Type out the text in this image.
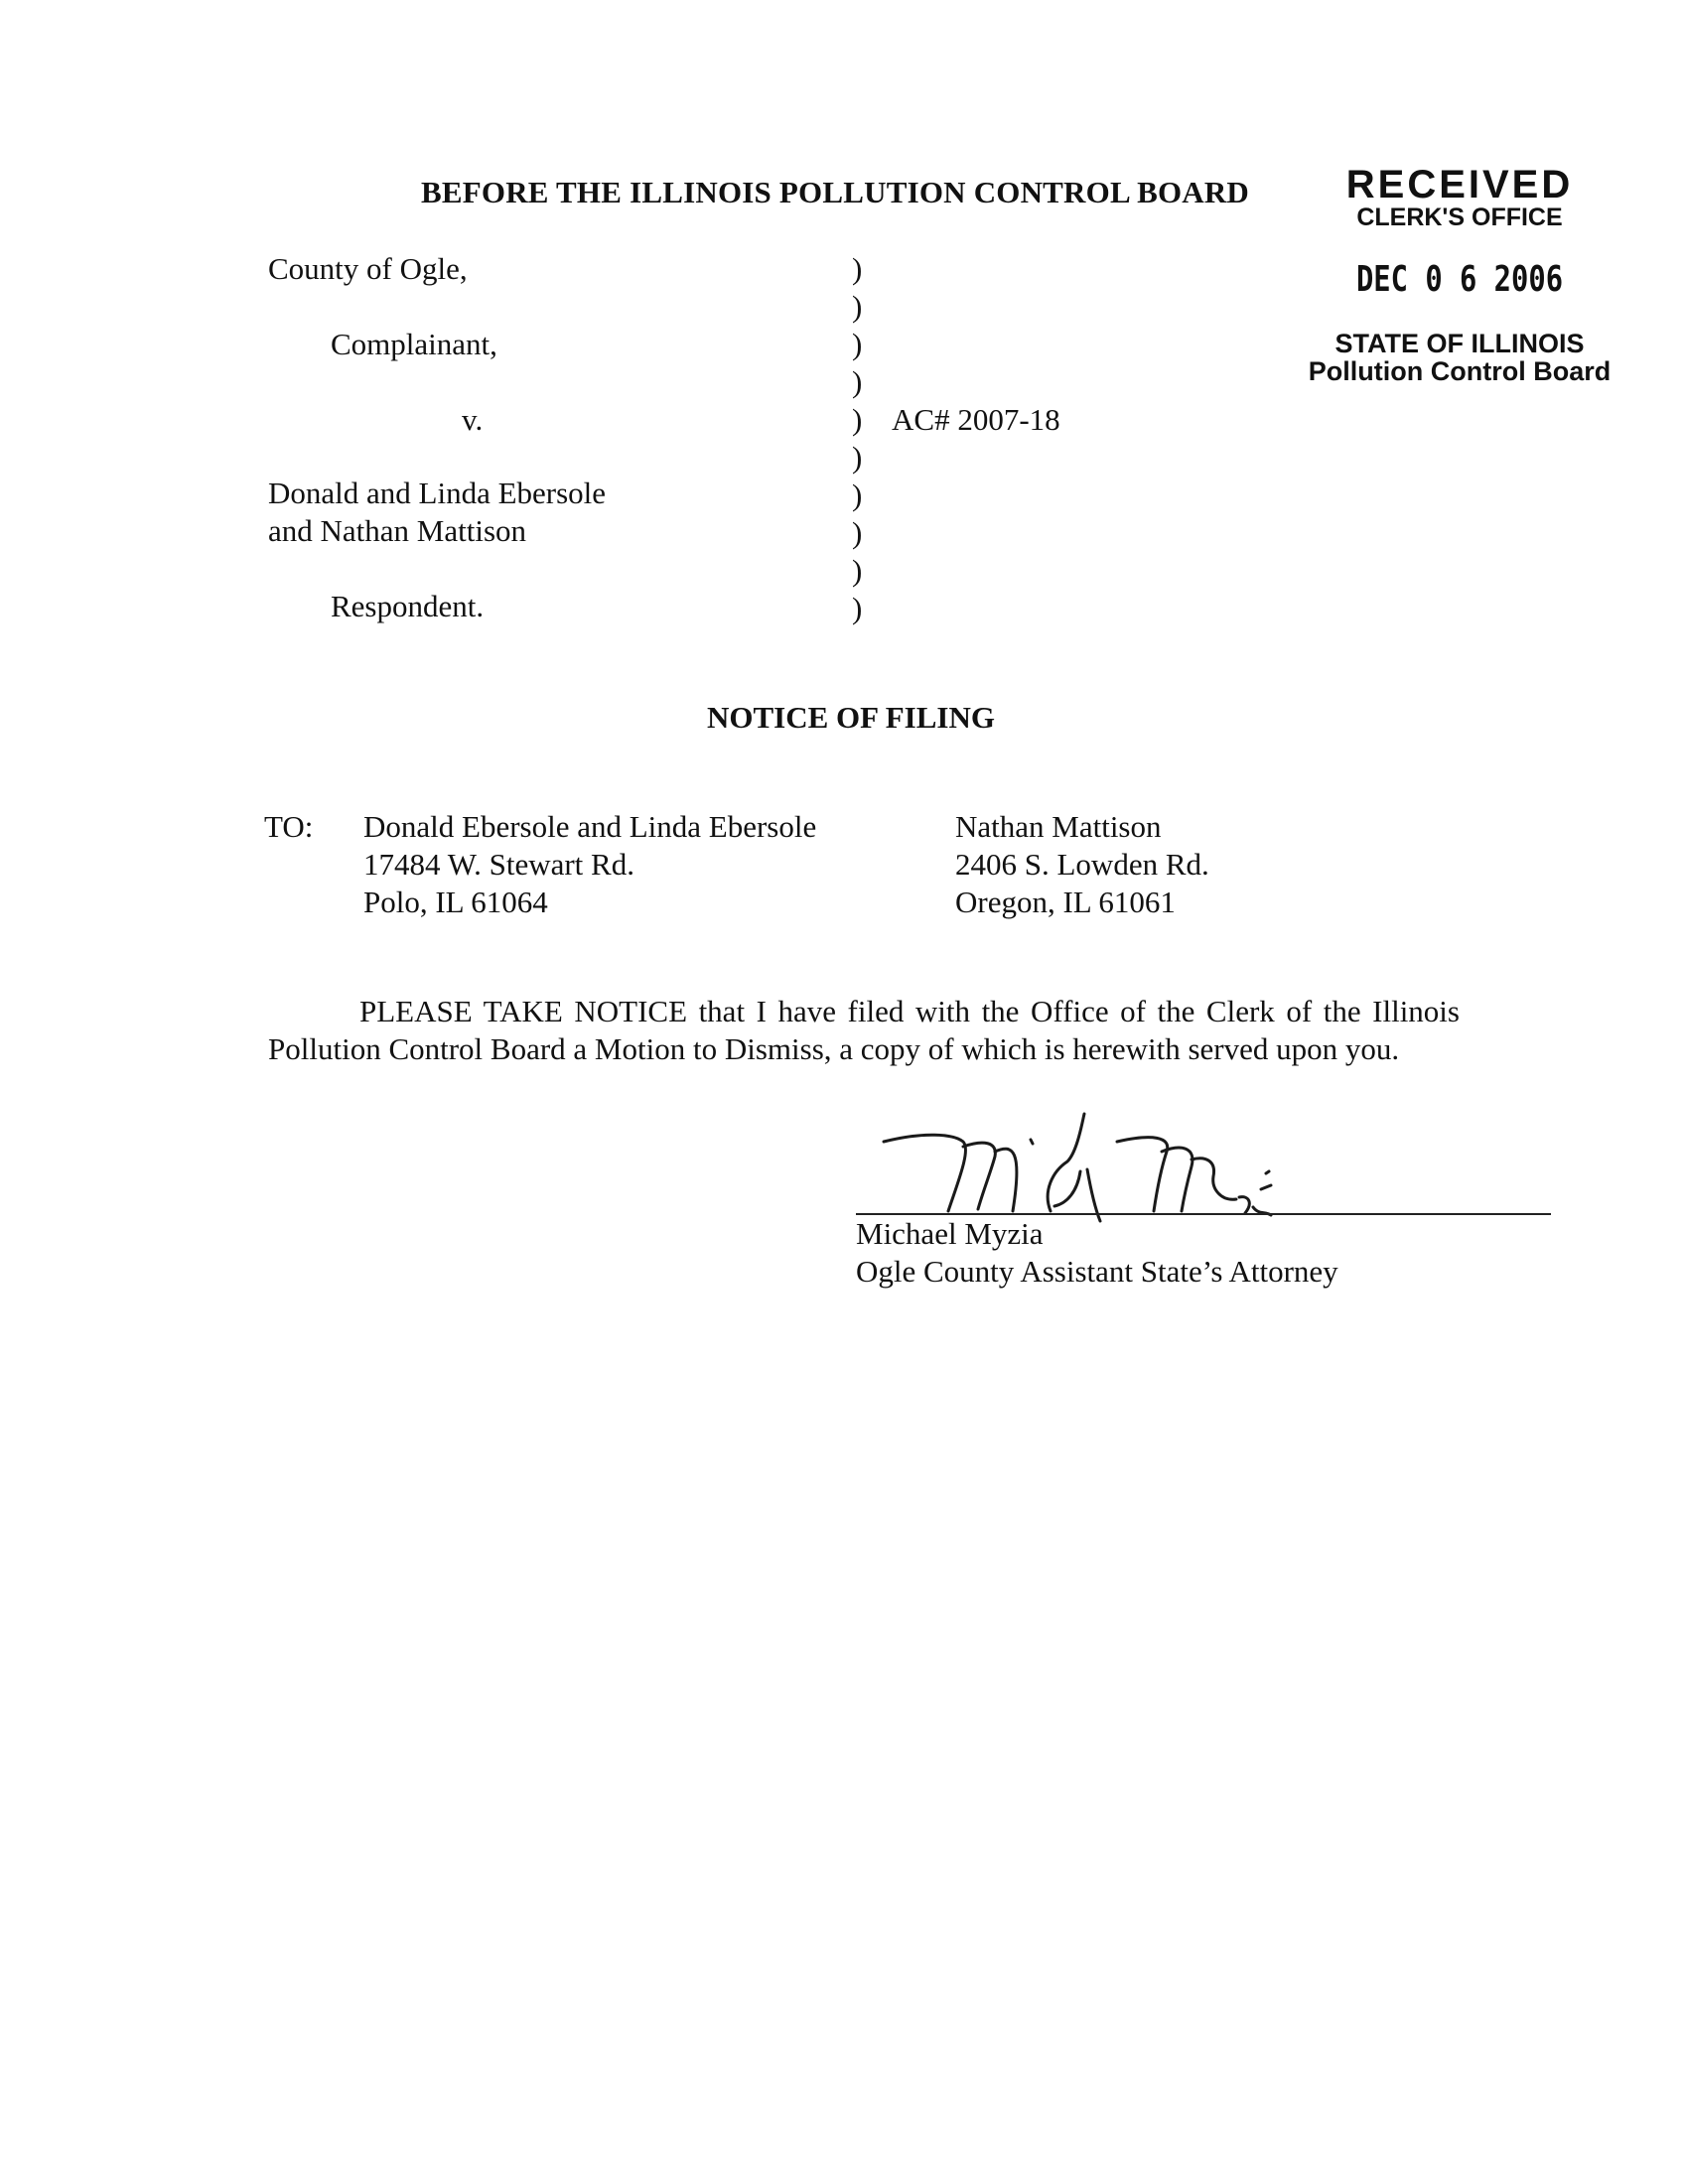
BEFORE THE ILLINOIS POLLUTION CONTROL BOARD	RECEIVED
CLERK'S OFFICE
DEC 0 6 2006
STATE OF ILLINOIS
Pollution Control Board
County of Ogle,
Complainant,
v.
Donald and Linda Ebersole
and Nathan Mattison
Respondent.
)
)
)
)
)
)
)
)
)
)
AC# 2007-18
NOTICE OF FILING
TO: Donald Ebersole and Linda Ebersole
17484 W. Stewart Rd.
Polo, IL 61064
Nathan Mattison
2406 S. Lowden Rd.
Oregon, IL 61061
PLEASE TAKE NOTICE that I have filed with the Office of the Clerk of the Illinois Pollution Control Board a Motion to Dismiss, a copy of which is herewith served upon you.
Michael Myzia
Ogle County Assistant State’s Attorney
